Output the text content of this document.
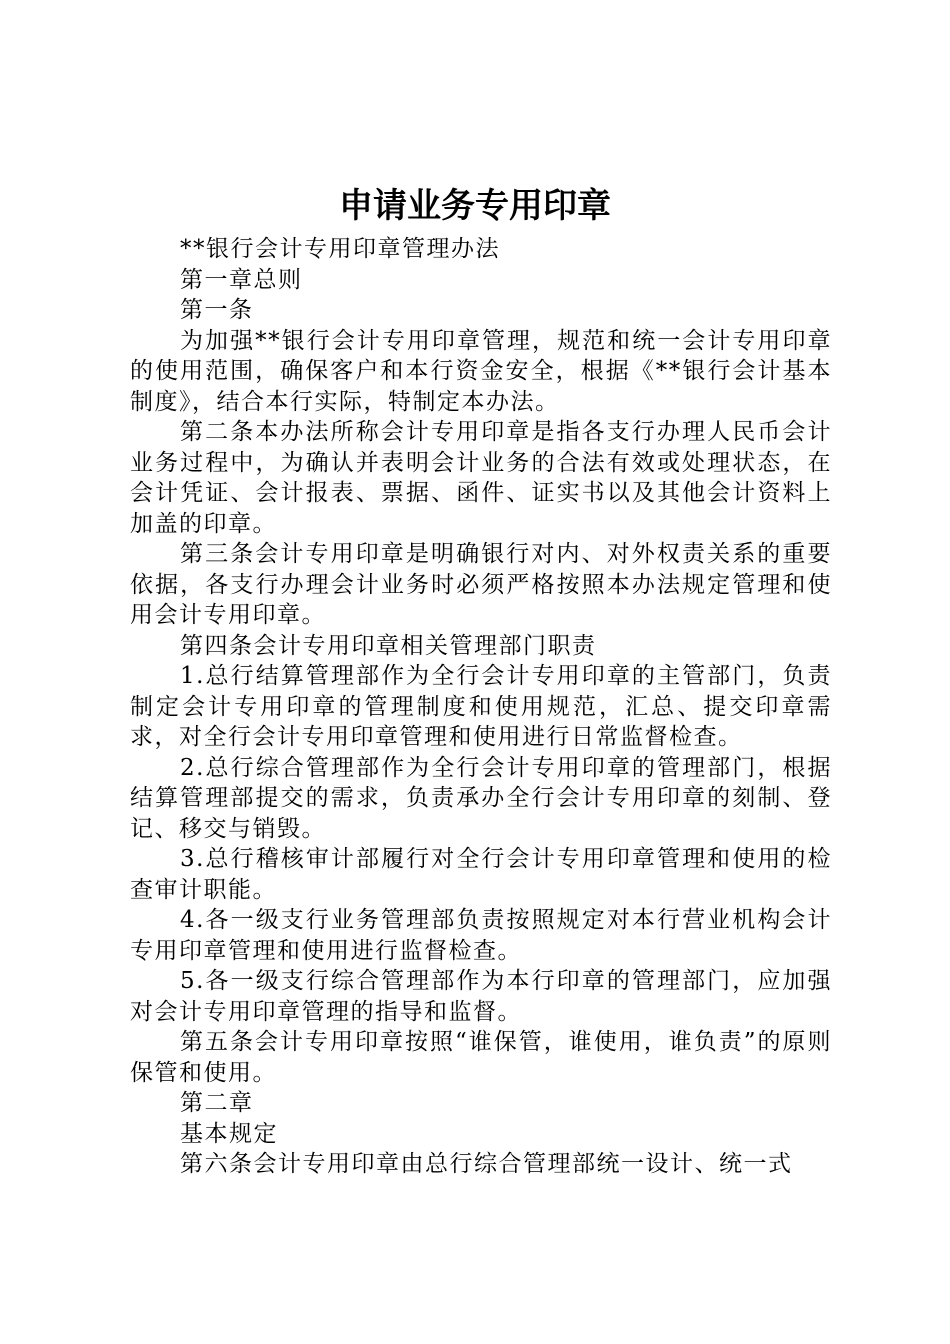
申请业务专用印章

**银行会计专用印章管理办法

第一章总则

第一条

为加强**银行会计专用印章管理，规范和统一会计专用印章的使用范围，确保客户和本行资金安全，根据《**银行会计基本制度》，结合本行实际，特制定本办法。

第二条本办法所称会计专用印章是指各支行办理人民币会计业务过程中，为确认并表明会计业务的合法有效或处理状态，在会计凭证、会计报表、票据、函件、证实书以及其他会计资料上加盖的印章。

第三条会计专用印章是明确银行对内、对外权责关系的重要依据，各支行办理会计业务时必须严格按照本办法规定管理和使用会计专用印章。

第四条会计专用印章相关管理部门职责

1.总行结算管理部作为全行会计专用印章的主管部门，负责制定会计专用印章的管理制度和使用规范，汇总、提交印章需求，对全行会计专用印章管理和使用进行日常监督检查。

2.总行综合管理部作为全行会计专用印章的管理部门，根据结算管理部提交的需求，负责承办全行会计专用印章的刻制、登记、移交与销毁。

3.总行稽核审计部履行对全行会计专用印章管理和使用的检查审计职能。

4.各一级支行业务管理部负责按照规定对本行营业机构会计专用印章管理和使用进行监督检查。

5.各一级支行综合管理部作为本行印章的管理部门，应加强对会计专用印章管理的指导和监督。

第五条会计专用印章按照“谁保管，谁使用，谁负责”的原则保管和使用。

第二章

基本规定

第六条会计专用印章由总行综合管理部统一设计、统一式
